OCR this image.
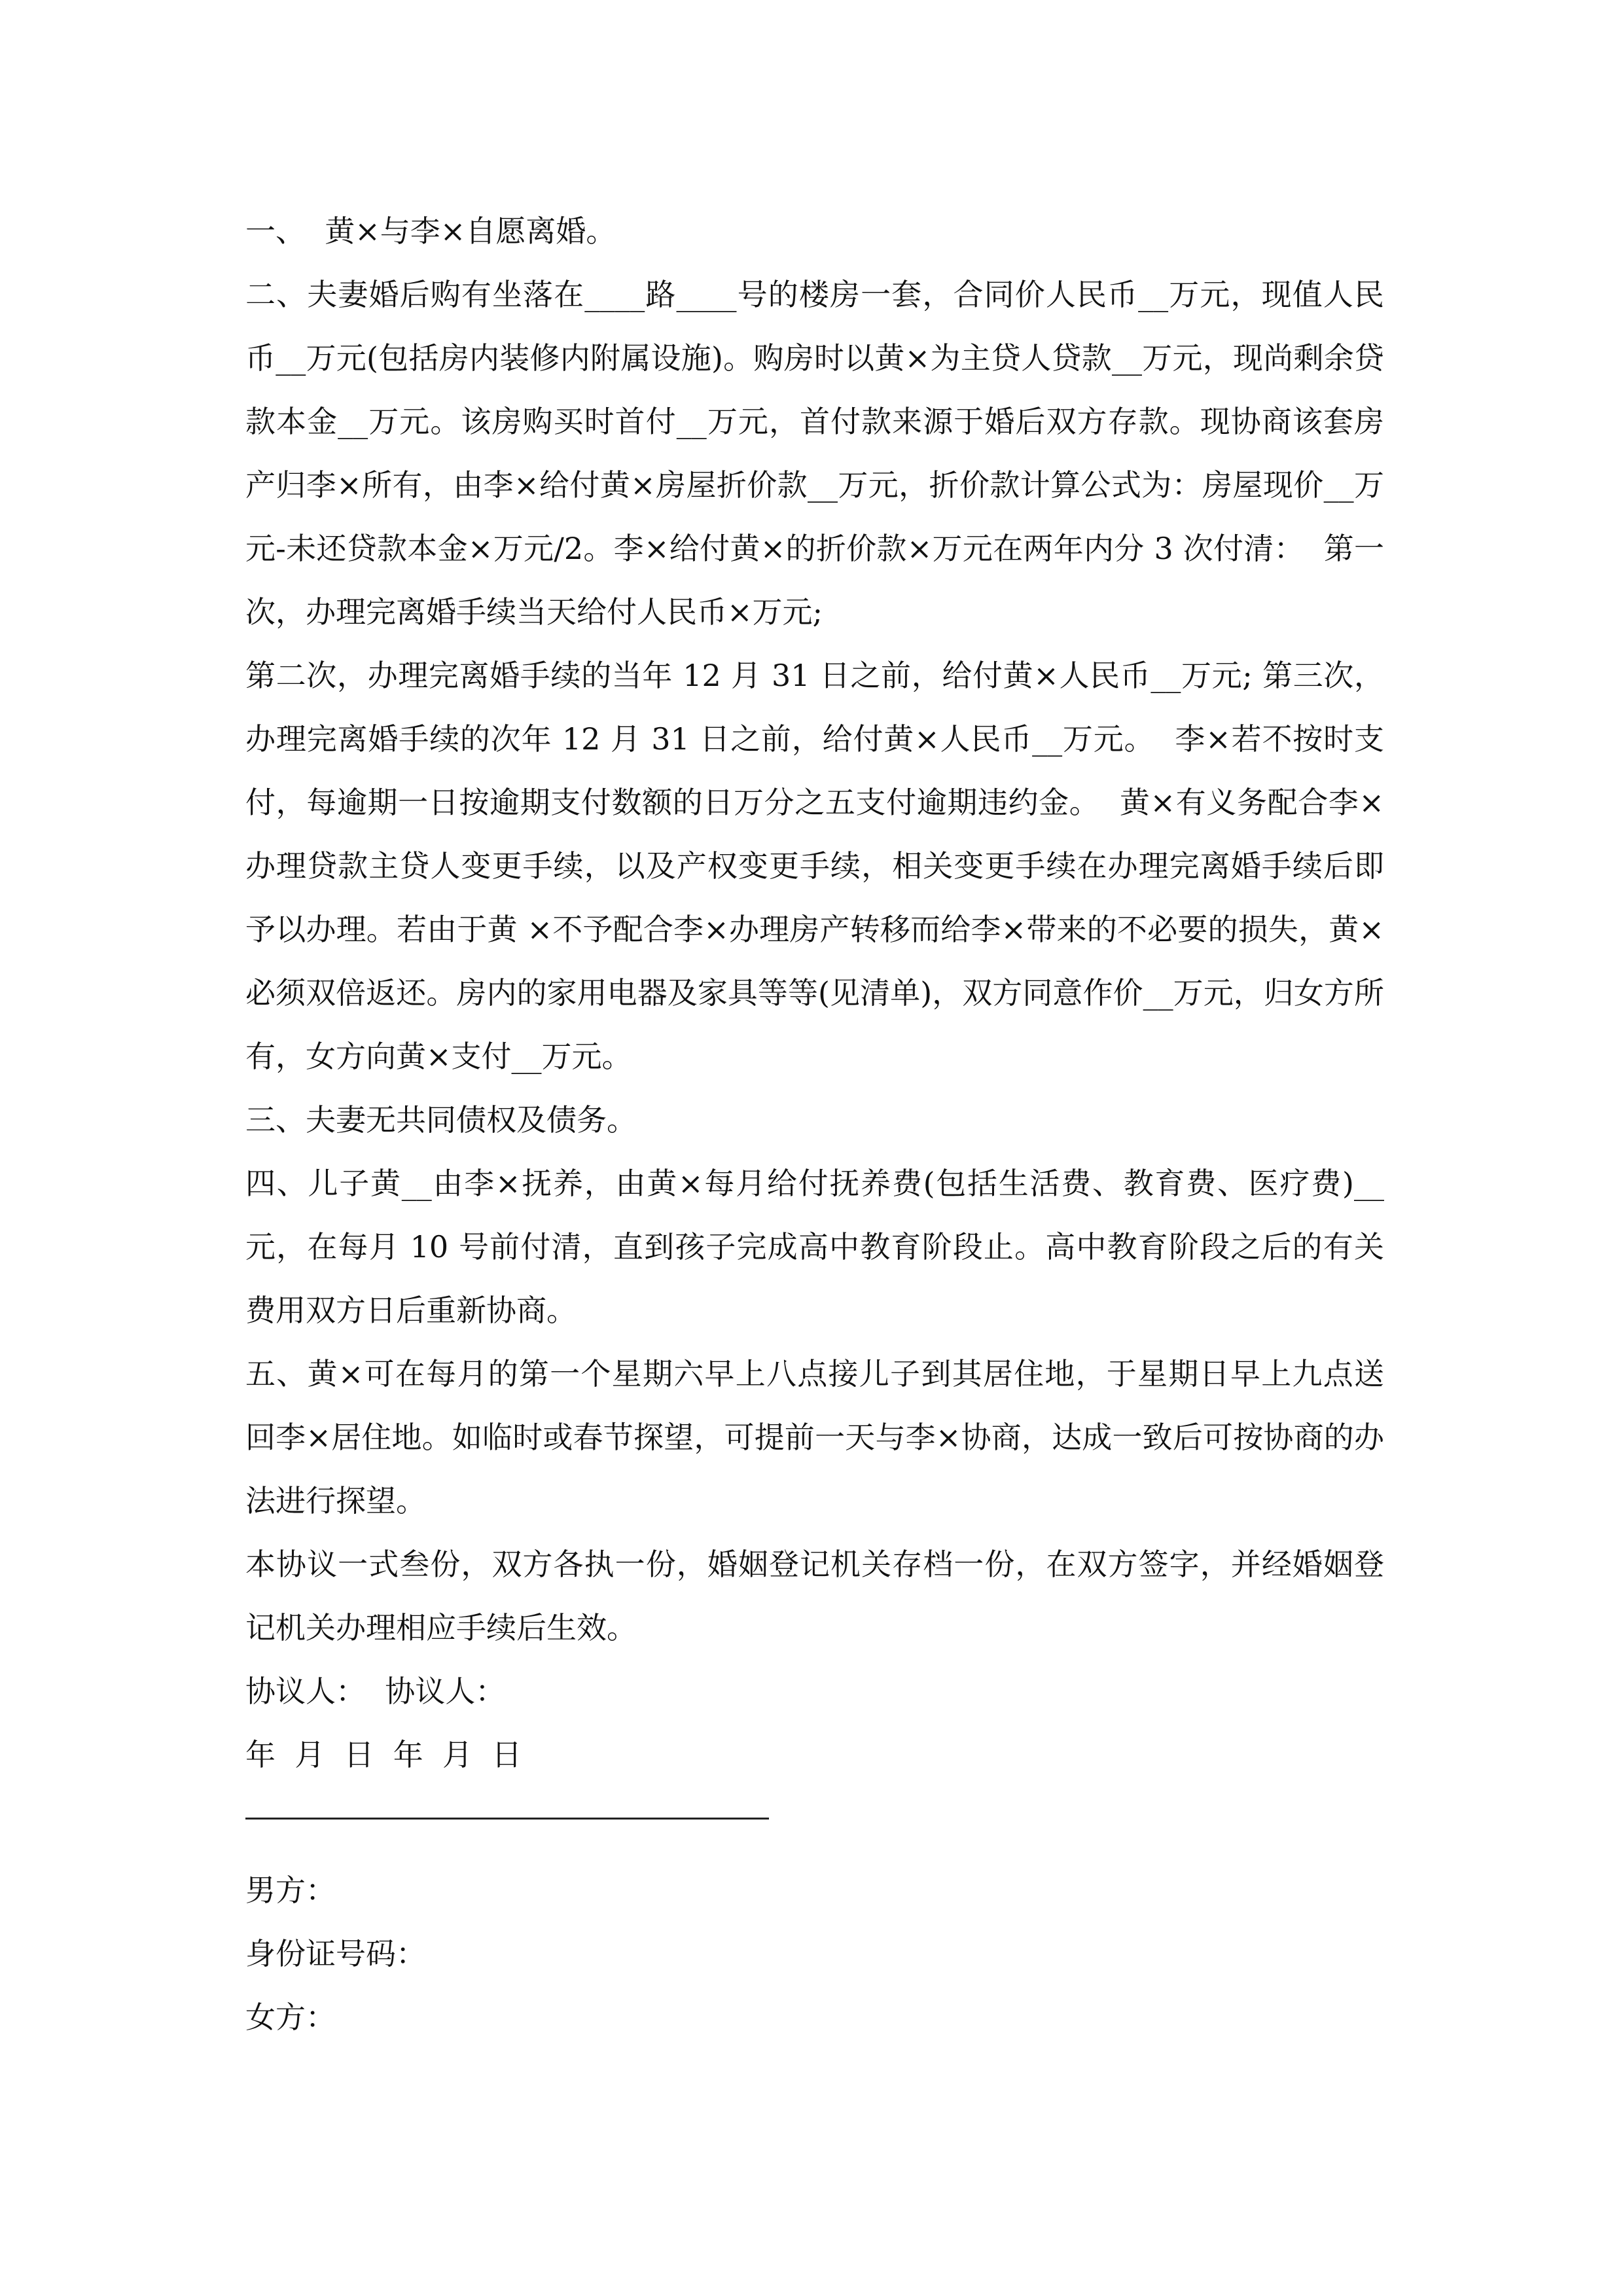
一、  黄×与李×自愿离婚。

二、夫妻婚后购有坐落在____路____号的楼房一套，合同价人民币__万元，现值人民币__万元(包括房内装修内附属设施)。购房时以黄×为主贷人贷款__万元，现尚剩余贷款本金__万元。该房购买时首付__万元，首付款来源于婚后双方存款。现协商该套房产归李×所有，由李×给付黄×房屋折价款__万元，折价款计算公式为：房屋现价__万元-未还贷款本金×万元/2。李×给付黄×的折价款×万元在两年内分 3 次付清：  第一次，办理完离婚手续当天给付人民币×万元;

第二次，办理完离婚手续的当年 12 月 31 日之前，给付黄×人民币__万元; 第三次，办理完离婚手续的次年 12 月 31 日之前，给付黄×人民币__万元。  李×若不按时支付，每逾期一日按逾期支付数额的日万分之五支付逾期违约金。  黄×有义务配合李×办理贷款主贷人变更手续，以及产权变更手续，相关变更手续在办理完离婚手续后即予以办理。若由于黄 ×不予配合李×办理房产转移而给李×带来的不必要的损失，黄×必须双倍返还。房内的家用电器及家具等等(见清单)，双方同意作价__万元，归女方所有，女方向黄×支付__万元。

三、夫妻无共同债权及债务。

四、儿子黄__由李×抚养，由黄×每月给付抚养费(包括生活费、教育费、医疗费)__元，在每月 10 号前付清，直到孩子完成高中教育阶段止。高中教育阶段之后的有关费用双方日后重新协商。

五、黄×可在每月的第一个星期六早上八点接儿子到其居住地，于星期日早上九点送回李×居住地。如临时或春节探望，可提前一天与李×协商，达成一致后可按协商的办法进行探望。

本协议一式叁份，双方各执一份，婚姻登记机关存档一份，在双方签字，并经婚姻登记机关办理相应手续后生效。

协议人：  协议人：

年  月  日  年  月  日

男方：

身份证号码：

女方：
